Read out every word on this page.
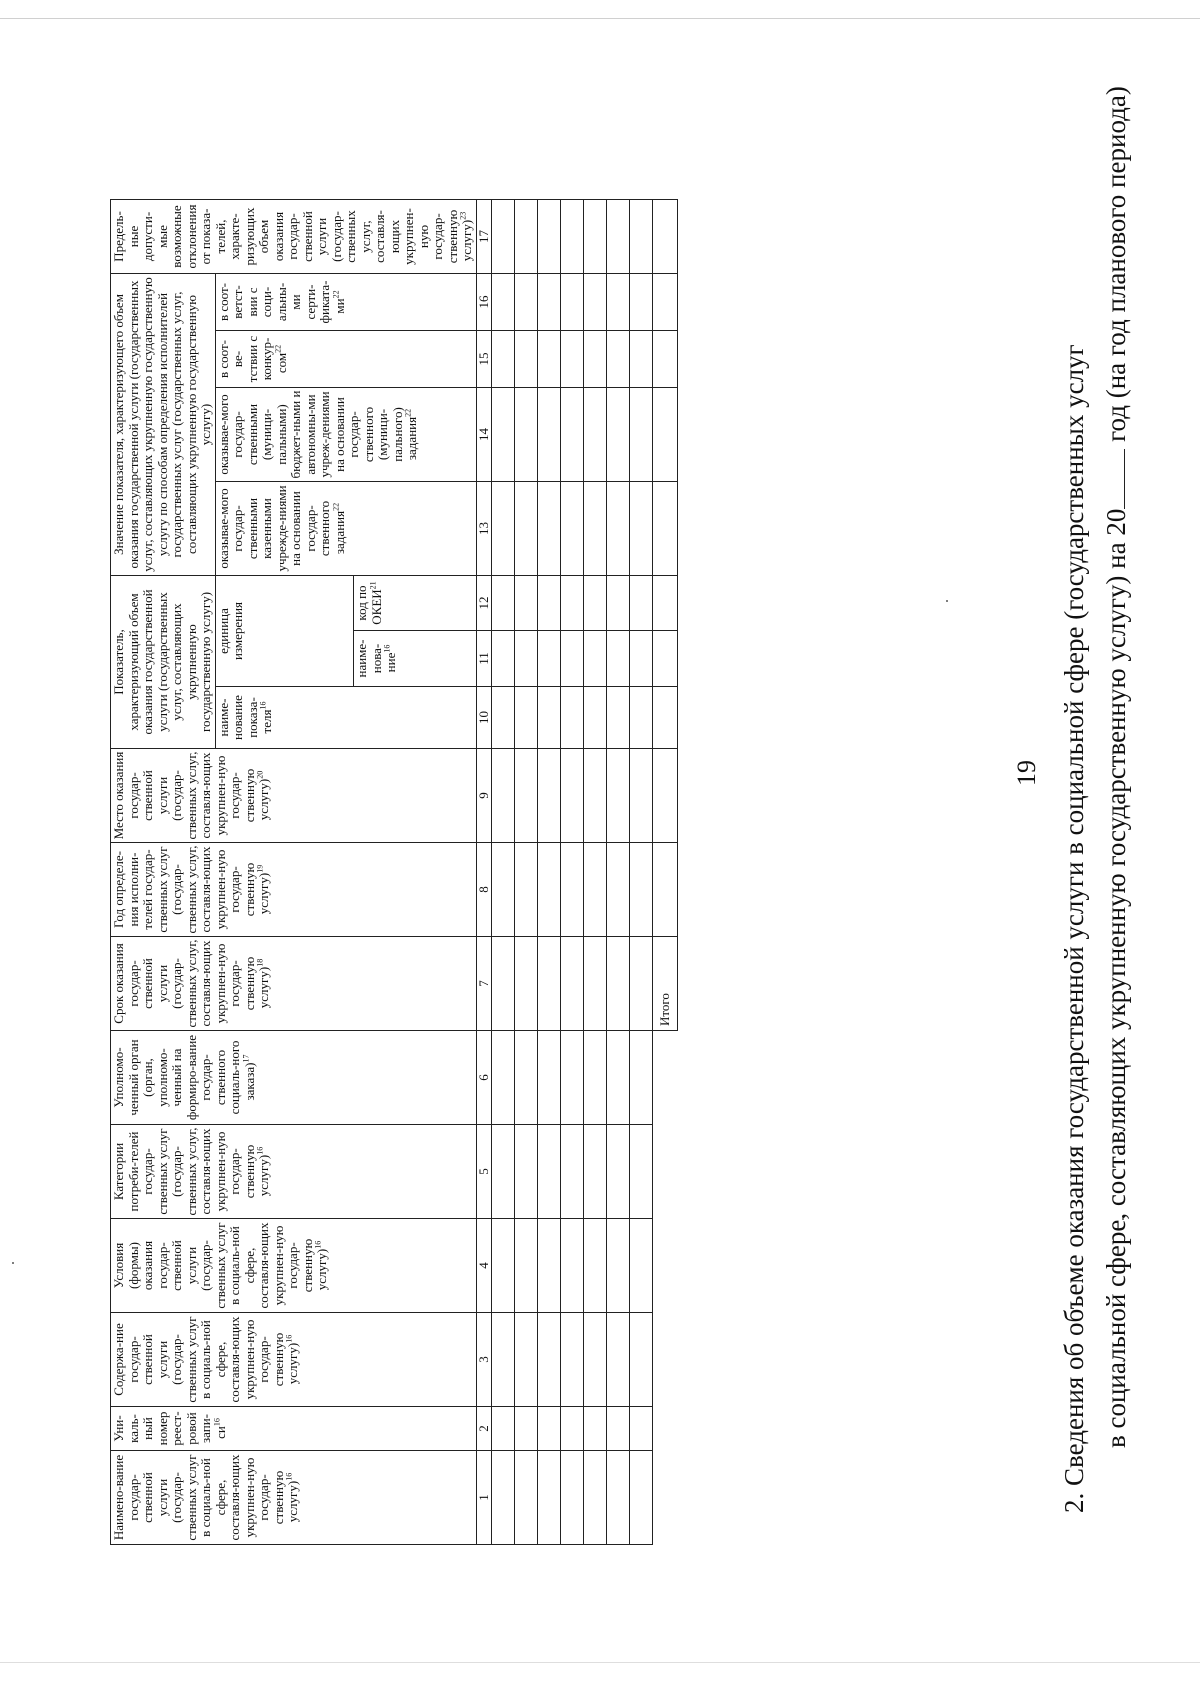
19 2. Сведения об объеме оказания государственной услуги в социальной сфере (государственных услуг в социальной сфере, составляющих укрупненную государственную услугу) на 20 год (на год планового периода)
Наимено-вание государ-ственной услуги (государ-ственных услуг в социаль-ной сфере, составля-ющих укрупнен-ную государ-ственную услугу)$^{16}$	Уни-каль-ный номер реест-ровой запи-$си^{16}$	Содержа-ние государ-ственной услуги (государ-ственных услуг в социаль-ной сфере, составля-ющих укрупнен-ную государ-ственную услугу)$^{16}$	Условия (формы) оказания государ-ственной услуги (государ-ственных услуг в социаль-ной сфере, составля-ющих укрупнен-ную государ-ственную услугу)$^{16}$	Категории потреби-телей государ-ственных услуг (государ-ственных услуг, составля-ющих укрупнен-ную государ-ственную услугу)$^{16}$	Уполномо-ченный орган (орган, уполномо-ченный на формиро-вание государ-ственного социаль-ного заказа)$^{17}$	Срок оказания государ-ственной услуги (государ-ственных услуг, составля-ющих укрупнен-ную государ-ственную услугу)$^{18}$	Год определе-ния исполни-телей государ-ственных услуг (государ-ственных услуг, составля-ющих укрупнен-ную государ-ственную услугу)$^{19}$	Место оказания государ-ственной услуги (государ-ственных услуг, составля-ющих укрупнен-ную государ-ственную услугу)$^{20}$	Показатель, характеризующий объем оказания государственной услуги (государственных услуг, составляющих укрупненную государственную услугу)			Значение показателя, характеризующего объем оказания государственной услуги (государственных услуг, составляющих укрупненную государственную услугу по способам определения исполнителей государственных услуг (государственных услуг, составляющих укрупненную государственную услугу)				Предель-ные допусти-мые возможные отклонения от показа-телей, характе-ризующих объем оказания государ-ственной услуги (государ-ственных услуг, составля-ющих укрупнен-ную государ-ственную услугу)$^{23}$
									наиме-нование показа-теля$^{16}$	единица измерения		оказывае-мого государ-ственными казенными учрежде-ниями на основании государ-ственного задания$^{22}$	оказывае-мого государ-ственными (муници-пальными) бюджет-ными и автономны-ми учреж-дениями на основании государ-ственного (муници-пального) задания$^{22}$	в соот-ве-тствии с конкур-сом$^{22}$	в соот-ветст-вии с соци-альны-ми серти-$фиката-ми^{22}$
										наиме-нова-ние$^{16}$	код по ОКЕИ$^{21}$
1	2	3	4	5	6	7	8	9	10	11	12	13	14	15	16	17

						Итого										
